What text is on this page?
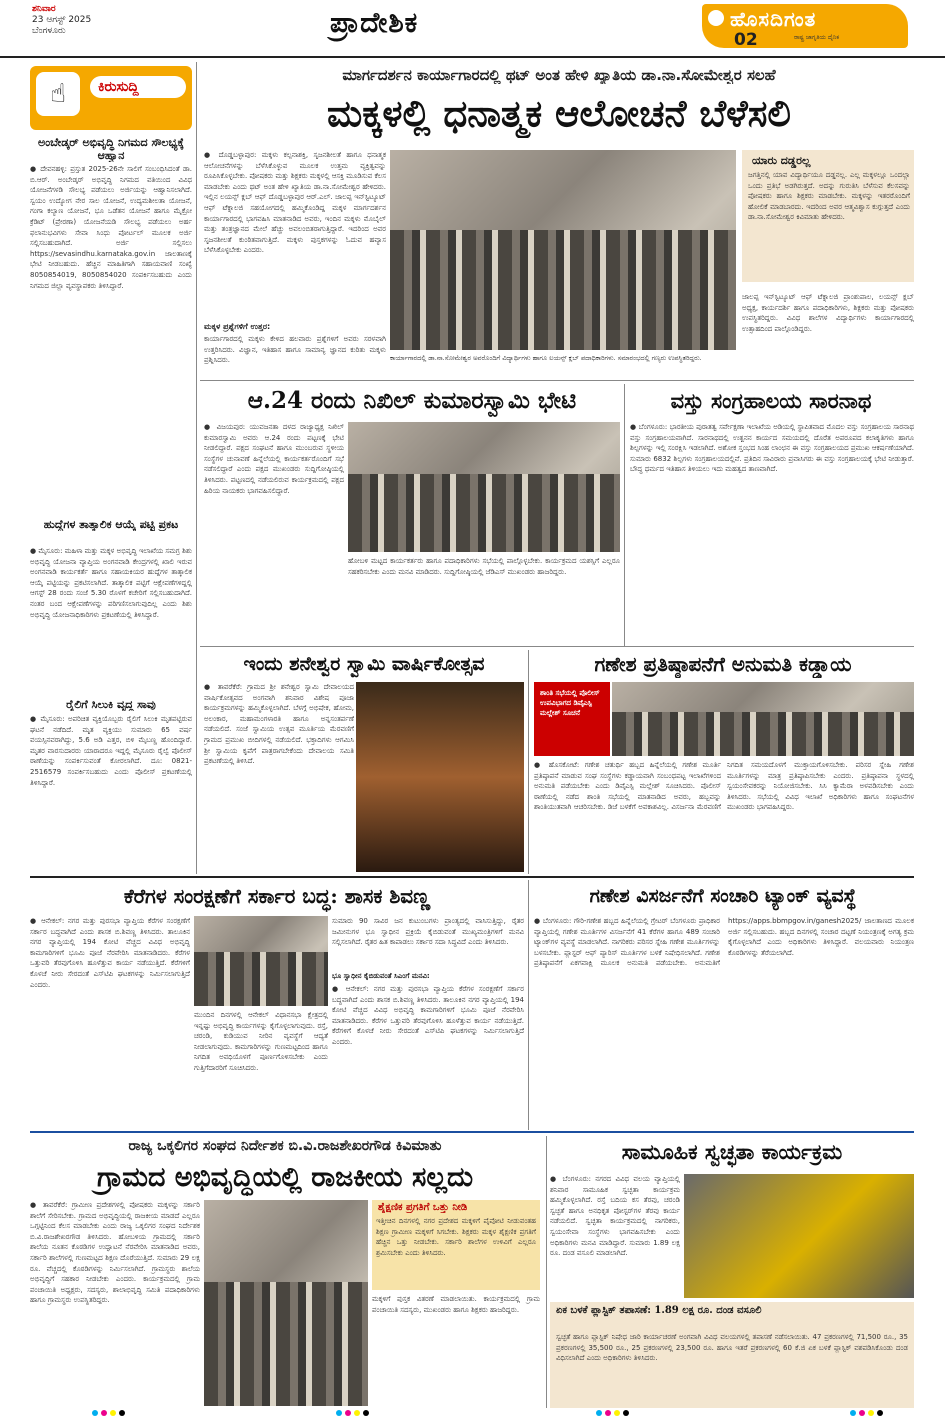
ಶನಿವಾರ
23 ಆಗಸ್ಟ್ 2025
ಬೆಂಗಳೂರು	ಪ್ರಾದೇಶಿಕ	ಹೊಸದಿಗಂತ
ರಾಷ್ಟ್ರ ಜಾಗೃತಿಯ ದೈನಿಕ
02
☝	ಕಿರುಸುದ್ದಿ
ಅಂಬೇಡ್ಕರ್ ಅಭಿವೃದ್ಧಿ ನಿಗಮದ ಸೌಲಭ್ಯಕ್ಕೆ ಆಹ್ವಾನ
● ದೇವನಹಳ್ಳಿ: ಪ್ರಸ್ತುತ 2025-26ನೇ ಸಾಲಿಗೆ ಸಂಬಂಧಿಸಿದಂತೆ ಡಾ. ಬಿ.ಆರ್. ಅಂಬೇಡ್ಕರ್ ಅಭಿವೃದ್ಧಿ ನಿಗಮದ ವತಿಯಿಂದ ವಿವಿಧ ಯೋಜನೆಗಳಡಿ ಸೌಲಭ್ಯ ಪಡೆಯಲು ಅರ್ಜಿಯನ್ನು ಆಹ್ವಾನಿಸಲಾಗಿದೆ. ಸ್ವಯಂ ಉದ್ಯೋಗ ನೇರ ಸಾಲ ಯೋಜನೆ, ಉದ್ಯಮಶೀಲತಾ ಯೋಜನೆ, ಗಂಗಾ ಕಲ್ಯಾಣ ಯೋಜನೆ, ಭೂ ಒಡೆತನ ಯೋಜನೆ ಹಾಗೂ ಮೈಕ್ರೋ ಕ್ರೆಡಿಟ್ (ಪ್ರೇರಣಾ) ಯೋಜನೆಯಡಿ ಸೌಲಭ್ಯ ಪಡೆಯಲು ಅರ್ಹ ಫಲಾನುಭವಿಗಳು ಸೇವಾ ಸಿಂಧು ಪೋರ್ಟಲ್ ಮೂಲಕ ಅರ್ಜಿ ಸಲ್ಲಿಸಬಹುದಾಗಿದೆ. ಅರ್ಜಿ ಸಲ್ಲಿಸಲು https://sevasindhu.karnataka.gov.in ಜಾಲತಾಣಕ್ಕೆ ಭೇಟಿ ನೀಡಬಹುದು. ಹೆಚ್ಚಿನ ಮಾಹಿತಿಗಾಗಿ ಸಹಾಯವಾಣಿ ಸಂಖ್ಯೆ 8050854019, 8050854020 ಸಂಪರ್ಕಿಸಬಹುದು ಎಂದು ನಿಗಮದ ಜಿಲ್ಲಾ ವ್ಯವಸ್ಥಾಪಕರು ತಿಳಿಸಿದ್ದಾರೆ.
ಹುದ್ದೆಗಳ ತಾತ್ಕಾಲಿಕ ಆಯ್ಕೆ ಪಟ್ಟಿ ಪ್ರಕಟ
● ಮೈಸೂರು: ಮಹಿಳಾ ಮತ್ತು ಮಕ್ಕಳ ಅಭಿವೃದ್ಧಿ ಇಲಾಖೆಯ ಸಮಗ್ರ ಶಿಶು ಅಭಿವೃದ್ಧಿ ಯೋಜನಾ ವ್ಯಾಪ್ತಿಯ ಅಂಗನವಾಡಿ ಕೇಂದ್ರಗಳಲ್ಲಿ ಖಾಲಿ ಇರುವ ಅಂಗನವಾಡಿ ಕಾರ್ಯಕರ್ತೆ ಹಾಗೂ ಸಹಾಯಕಿಯರ ಹುದ್ದೆಗಳ ತಾತ್ಕಾಲಿಕ ಆಯ್ಕೆ ಪಟ್ಟಿಯನ್ನು ಪ್ರಕಟಿಸಲಾಗಿದೆ. ತಾತ್ಕಾಲಿಕ ಪಟ್ಟಿಗೆ ಆಕ್ಷೇಪಣೆಗಳಿದ್ದಲ್ಲಿ ಆಗಸ್ಟ್ 28 ರಂದು ಸಂಜೆ 5.30 ರೊಳಗೆ ಕಚೇರಿಗೆ ಸಲ್ಲಿಸಬಹುದಾಗಿದೆ. ನಂತರ ಬಂದ ಆಕ್ಷೇಪಣೆಗಳನ್ನು ಪರಿಗಣಿಸಲಾಗುವುದಿಲ್ಲ ಎಂದು ಶಿಶು ಅಭಿವೃದ್ಧಿ ಯೋಜನಾಧಿಕಾರಿಗಳು ಪ್ರಕಟಣೆಯಲ್ಲಿ ತಿಳಿಸಿದ್ದಾರೆ.
ರೈಲಿಗೆ ಸಿಲುಕಿ ವೃದ್ಧ ಸಾವು
● ಮೈಸೂರು: ಅಪರಿಚಿತ ವ್ಯಕ್ತಿಯೊಬ್ಬರು ರೈಲಿಗೆ ಸಿಲುಕಿ ಮೃತಪಟ್ಟಿರುವ ಘಟನೆ ನಡೆದಿದೆ. ಮೃತ ವ್ಯಕ್ತಿಯು ಸುಮಾರು 65 ವರ್ಷ ವಯಸ್ಸಿನವರಾಗಿದ್ದು, 5.6 ಅಡಿ ಎತ್ತರ, ಬಿಳಿ ಮೈಬಣ್ಣ ಹೊಂದಿದ್ದಾರೆ. ಮೃತರ ವಾರಸುದಾರರು ಯಾರಾದರೂ ಇದ್ದಲ್ಲಿ ಮೈಸೂರು ರೈಲ್ವೆ ಪೊಲೀಸ್ ಠಾಣೆಯನ್ನು ಸಂಪರ್ಕಿಸುವಂತೆ ಕೋರಲಾಗಿದೆ. ದೂ: 0821-2516579 ಸಂಪರ್ಕಿಸಬಹುದು ಎಂದು ಪೊಲೀಸ್ ಪ್ರಕಟಣೆಯಲ್ಲಿ ತಿಳಿಸಿದ್ದಾರೆ.
ಮಾರ್ಗದರ್ಶನ ಕಾರ್ಯಾಗಾರದಲ್ಲಿ ಥಟ್ ಅಂತ ಹೇಳಿ ಖ್ಯಾತಿಯ ಡಾ.ನಾ.ಸೋಮೇಶ್ವರ ಸಲಹೆ
ಮಕ್ಕಳಲ್ಲಿ ಧನಾತ್ಮಕ ಆಲೋಚನೆ ಬೆಳೆಸಲಿ
● ದೊಡ್ಡಬಳ್ಳಾಪುರ: ಮಕ್ಕಳು ಕಲ್ಪನಾಶಕ್ತಿ, ಸೃಜನಶೀಲತೆ ಹಾಗೂ ಧನಾತ್ಮಕ ಆಲೋಚನೆಗಳನ್ನು ಬೆಳೆಸಿಕೊಳ್ಳುವ ಮೂಲಕ ಉತ್ತಮ ವ್ಯಕ್ತಿತ್ವವನ್ನು ರೂಪಿಸಿಕೊಳ್ಳಬೇಕು. ಪೋಷಕರು ಮತ್ತು ಶಿಕ್ಷಕರು ಮಕ್ಕಳಲ್ಲಿ ಆಸಕ್ತಿ ಮೂಡಿಸುವ ಕೆಲಸ ಮಾಡಬೇಕು ಎಂದು ಥಟ್ ಅಂತ ಹೇಳಿ ಖ್ಯಾತಿಯ ಡಾ.ನಾ.ಸೋಮೇಶ್ವರ ಹೇಳಿದರು. ಇಲ್ಲಿನ ಲಯನ್ಸ್ ಕ್ಲಬ್ ಆಫ್ ದೊಡ್ಡಬಳ್ಳಾಪುರ ಆರ್.ಎಲ್. ಜಾಲಪ್ಪ ಇನ್‌ಸ್ಟಿಟ್ಯೂಟ್ ಆಫ್ ಟೆಕ್ನಾಲಜಿ ಸಹಯೋಗದಲ್ಲಿ ಹಮ್ಮಿಕೊಂಡಿದ್ದ ಮಕ್ಕಳ ಮಾರ್ಗದರ್ಶನ ಕಾರ್ಯಾಗಾರದಲ್ಲಿ ಭಾಗವಹಿಸಿ ಮಾತನಾಡಿದ ಅವರು, ಇಂದಿನ ಮಕ್ಕಳು ಮೊಬೈಲ್ ಮತ್ತು ತಂತ್ರಜ್ಞಾನದ ಮೇಲೆ ಹೆಚ್ಚು ಅವಲಂಬಿತರಾಗುತ್ತಿದ್ದಾರೆ. ಇದರಿಂದ ಅವರ ಸೃಜನಶೀಲತೆ ಕುಂಠಿತವಾಗುತ್ತಿದೆ. ಮಕ್ಕಳು ಪುಸ್ತಕಗಳನ್ನು ಓದುವ ಹವ್ಯಾಸ ಬೆಳೆಸಿಕೊಳ್ಳಬೇಕು ಎಂದರು.
ಮಕ್ಕಳ ಪ್ರಶ್ನೆಗಳಿಗೆ ಉತ್ತರ:
ಕಾರ್ಯಾಗಾರದಲ್ಲಿ ಮಕ್ಕಳು ಕೇಳಿದ ಹಲವಾರು ಪ್ರಶ್ನೆಗಳಿಗೆ ಅವರು ಸರಳವಾಗಿ ಉತ್ತರಿಸಿದರು. ವಿಜ್ಞಾನ, ಇತಿಹಾಸ ಹಾಗೂ ಸಾಮಾನ್ಯ ಜ್ಞಾನದ ಕುರಿತು ಮಕ್ಕಳು ಪ್ರಶ್ನಿಸಿದರು.	ಕಾರ್ಯಾಗಾರದಲ್ಲಿ ಡಾ.ನಾ.ಸೋಮೇಶ್ವರ ಅವರೊಂದಿಗೆ ವಿದ್ಯಾರ್ಥಿಗಳು ಹಾಗೂ ಲಯನ್ಸ್ ಕ್ಲಬ್ ಪದಾಧಿಕಾರಿಗಳು. ಸಮಾರಂಭದಲ್ಲಿ ಗಣ್ಯರು ಉಪಸ್ಥಿತರಿದ್ದರು.
ಯಾರು ದಡ್ಡರಲ್ಲ
ಜಗತ್ತಿನಲ್ಲಿ ಯಾವ ವಿದ್ಯಾರ್ಥಿಯೂ ದಡ್ಡನಲ್ಲ. ಎಲ್ಲ ಮಕ್ಕಳಲ್ಲೂ ಒಂದಲ್ಲಾ ಒಂದು ಪ್ರತಿಭೆ ಅಡಗಿರುತ್ತದೆ. ಅದನ್ನು ಗುರುತಿಸಿ ಬೆಳೆಸುವ ಕೆಲಸವನ್ನು ಪೋಷಕರು ಹಾಗೂ ಶಿಕ್ಷಕರು ಮಾಡಬೇಕು. ಮಕ್ಕಳನ್ನು ಇತರರೊಂದಿಗೆ ಹೋಲಿಕೆ ಮಾಡಬಾರದು. ಇದರಿಂದ ಅವರ ಆತ್ಮವಿಶ್ವಾಸ ಕುಗ್ಗುತ್ತದೆ ಎಂದು ಡಾ.ನಾ.ಸೋಮೇಶ್ವರ ಕಿವಿಮಾತು ಹೇಳಿದರು.
ಜಾಲಪ್ಪ ಇನ್‌ಸ್ಟಿಟ್ಯೂಟ್ ಆಫ್ ಟೆಕ್ನಾಲಜಿ ಪ್ರಾಂಶುಪಾಲ, ಲಯನ್ಸ್ ಕ್ಲಬ್ ಅಧ್ಯಕ್ಷ, ಕಾರ್ಯದರ್ಶಿ ಹಾಗೂ ಪದಾಧಿಕಾರಿಗಳು, ಶಿಕ್ಷಕರು ಮತ್ತು ಪೋಷಕರು ಉಪಸ್ಥಿತರಿದ್ದರು. ವಿವಿಧ ಶಾಲೆಗಳ ವಿದ್ಯಾರ್ಥಿಗಳು ಕಾರ್ಯಾಗಾರದಲ್ಲಿ ಉತ್ಸಾಹದಿಂದ ಪಾಲ್ಗೊಂಡಿದ್ದರು.
ಆ.24 ರಂದು ನಿಖಿಲ್ ಕುಮಾರಸ್ವಾಮಿ ಭೇಟಿ
● ವಿಜಯಪುರ: ಯುವಜನತಾ ದಳದ ರಾಜ್ಯಾಧ್ಯಕ್ಷ ನಿಖಿಲ್ ಕುಮಾರಸ್ವಾಮಿ ಅವರು ಆ.24 ರಂದು ಪಟ್ಟಣಕ್ಕೆ ಭೇಟಿ ನೀಡಲಿದ್ದಾರೆ. ಪಕ್ಷದ ಸಂಘಟನೆ ಹಾಗೂ ಮುಂಬರುವ ಸ್ಥಳೀಯ ಸಂಸ್ಥೆಗಳ ಚುನಾವಣೆ ಹಿನ್ನೆಲೆಯಲ್ಲಿ ಕಾರ್ಯಕರ್ತರೊಂದಿಗೆ ಸಭೆ ನಡೆಸಲಿದ್ದಾರೆ ಎಂದು ಪಕ್ಷದ ಮುಖಂಡರು ಸುದ್ದಿಗೋಷ್ಠಿಯಲ್ಲಿ ತಿಳಿಸಿದರು. ಪಟ್ಟಣದಲ್ಲಿ ನಡೆಯಲಿರುವ ಕಾರ್ಯಕ್ರಮದಲ್ಲಿ ಪಕ್ಷದ ಹಿರಿಯ ನಾಯಕರು ಭಾಗವಹಿಸಲಿದ್ದಾರೆ.
ಹೋಬಳಿ ಮಟ್ಟದ ಕಾರ್ಯಕರ್ತರು ಹಾಗೂ ಪದಾಧಿಕಾರಿಗಳು ಸಭೆಯಲ್ಲಿ ಪಾಲ್ಗೊಳ್ಳಬೇಕು. ಕಾರ್ಯಕ್ರಮದ ಯಶಸ್ಸಿಗೆ ಎಲ್ಲರೂ ಸಹಕರಿಸಬೇಕು ಎಂದು ಮನವಿ ಮಾಡಿದರು. ಸುದ್ದಿಗೋಷ್ಠಿಯಲ್ಲಿ ಜೆಡಿಎಸ್ ಮುಖಂಡರು ಹಾಜರಿದ್ದರು.
ವಸ್ತು ಸಂಗ್ರಹಾಲಯ ಸಾರನಾಥ
● ಬೆಂಗಳೂರು: ಭಾರತೀಯ ಪುರಾತತ್ವ ಸರ್ವೇಕ್ಷಣಾ ಇಲಾಖೆಯ ಅಡಿಯಲ್ಲಿ ಸ್ಥಾಪಿತವಾದ ಮೊದಲ ವಸ್ತು ಸಂಗ್ರಹಾಲಯ ಸಾರನಾಥ ವಸ್ತು ಸಂಗ್ರಹಾಲಯವಾಗಿದೆ. ಸಾರನಾಥದಲ್ಲಿ ಉತ್ಖನನ ಕಾರ್ಯದ ಸಮಯದಲ್ಲಿ ದೊರೆತ ಅಪರೂಪದ ಕಲಾಕೃತಿಗಳು ಹಾಗೂ ಶಿಲ್ಪಗಳನ್ನು ಇಲ್ಲಿ ಸಂರಕ್ಷಿಸಿ ಇಡಲಾಗಿದೆ. ಅಶೋಕ ಸ್ತಂಭದ ಸಿಂಹ ಲಾಂಛನ ಈ ವಸ್ತು ಸಂಗ್ರಹಾಲಯದ ಪ್ರಮುಖ ಆಕರ್ಷಣೆಯಾಗಿದೆ. ಸುಮಾರು 6832 ಶಿಲ್ಪಗಳು ಸಂಗ್ರಹಾಲಯದಲ್ಲಿವೆ. ಪ್ರತಿದಿನ ಸಾವಿರಾರು ಪ್ರವಾಸಿಗರು ಈ ವಸ್ತು ಸಂಗ್ರಹಾಲಯಕ್ಕೆ ಭೇಟಿ ನೀಡುತ್ತಾರೆ. ಬೌದ್ಧ ಧರ್ಮದ ಇತಿಹಾಸ ತಿಳಿಯಲು ಇದು ಮಹತ್ವದ ತಾಣವಾಗಿದೆ.
ಇಂದು ಶನೇಶ್ವರ ಸ್ವಾಮಿ ವಾರ್ಷಿಕೋತ್ಸವ
● ತಾವರೆಕೆರೆ: ಗ್ರಾಮದ ಶ್ರೀ ಶನೇಶ್ವರ ಸ್ವಾಮಿ ದೇವಾಲಯದ ವಾರ್ಷಿಕೋತ್ಸವದ ಅಂಗವಾಗಿ ಶನಿವಾರ ವಿಶೇಷ ಪೂಜಾ ಕಾರ್ಯಕ್ರಮಗಳನ್ನು ಹಮ್ಮಿಕೊಳ್ಳಲಾಗಿದೆ. ಬೆಳಗ್ಗೆ ಅಭಿಷೇಕ, ಹೋಮ, ಅಲಂಕಾರ, ಮಹಾಮಂಗಳಾರತಿ ಹಾಗೂ ಅನ್ನಸಂತರ್ಪಣೆ ನಡೆಯಲಿದೆ. ಸಂಜೆ ಸ್ವಾಮಿಯ ಉತ್ಸವ ಮೂರ್ತಿಯ ಮೆರವಣಿಗೆ ಗ್ರಾಮದ ಪ್ರಮುಖ ಬೀದಿಗಳಲ್ಲಿ ನಡೆಯಲಿದೆ. ಭಕ್ತಾದಿಗಳು ಆಗಮಿಸಿ ಶ್ರೀ ಸ್ವಾಮಿಯ ಕೃಪೆಗೆ ಪಾತ್ರರಾಗಬೇಕೆಂದು ದೇವಾಲಯ ಸಮಿತಿ ಪ್ರಕಟಣೆಯಲ್ಲಿ ತಿಳಿಸಿದೆ.
ಗಣೇಶ ಪ್ರತಿಷ್ಠಾಪನೆಗೆ ಅನುಮತಿ ಕಡ್ಡಾಯ
ಶಾಂತಿ ಸಭೆಯಲ್ಲಿ ಪೊಲೀಸ್ ಉಪವಿಭಾಗದ ಡಿವೈಎಸ್ಪಿ ಮಲ್ಲೇಶ್ ಸೂಚನೆ
● ಹೊಸಕೋಟೆ: ಗಣೇಶ ಚತುರ್ಥಿ ಹಬ್ಬದ ಹಿನ್ನೆಲೆಯಲ್ಲಿ ಗಣೇಶ ಮೂರ್ತಿ ಪ್ರತಿಷ್ಠಾಪನೆ ಮಾಡುವ ಸಂಘ ಸಂಸ್ಥೆಗಳು ಕಡ್ಡಾಯವಾಗಿ ಸಂಬಂಧಪಟ್ಟ ಇಲಾಖೆಗಳಿಂದ ಅನುಮತಿ ಪಡೆಯಬೇಕು ಎಂದು ಡಿವೈಎಸ್ಪಿ ಮಲ್ಲೇಶ್ ಸೂಚಿಸಿದರು. ಪೊಲೀಸ್ ಠಾಣೆಯಲ್ಲಿ ನಡೆದ ಶಾಂತಿ ಸಭೆಯಲ್ಲಿ ಮಾತನಾಡಿದ ಅವರು, ಹಬ್ಬವನ್ನು ಶಾಂತಿಯುತವಾಗಿ ಆಚರಿಸಬೇಕು. ಡಿಜೆ ಬಳಕೆಗೆ ಅವಕಾಶವಿಲ್ಲ. ವಿಸರ್ಜನಾ ಮೆರವಣಿಗೆ ನಿಗದಿತ ಸಮಯದೊಳಗೆ ಮುಕ್ತಾಯಗೊಳಿಸಬೇಕು. ಪರಿಸರ ಸ್ನೇಹಿ ಗಣೇಶ ಮೂರ್ತಿಗಳನ್ನು ಮಾತ್ರ ಪ್ರತಿಷ್ಠಾಪಿಸಬೇಕು ಎಂದರು. ಪ್ರತಿಷ್ಠಾಪನಾ ಸ್ಥಳದಲ್ಲಿ ಸ್ವಯಂಸೇವಕರನ್ನು ನಿಯೋಜಿಸಬೇಕು. ಸಿಸಿ ಕ್ಯಾಮೆರಾ ಅಳವಡಿಸಬೇಕು ಎಂದು ತಿಳಿಸಿದರು. ಸಭೆಯಲ್ಲಿ ವಿವಿಧ ಇಲಾಖೆ ಅಧಿಕಾರಿಗಳು ಹಾಗೂ ಸಂಘಟನೆಗಳ ಮುಖಂಡರು ಭಾಗವಹಿಸಿದ್ದರು.
ಕೆರೆಗಳ ಸಂರಕ್ಷಣೆಗೆ ಸರ್ಕಾರ ಬದ್ಧ: ಶಾಸಕ ಶಿವಣ್ಣ
● ಆನೇಕಲ್: ನಗರ ಮತ್ತು ಪುರಸಭಾ ವ್ಯಾಪ್ತಿಯ ಕೆರೆಗಳ ಸಂರಕ್ಷಣೆಗೆ ಸರ್ಕಾರ ಬದ್ಧವಾಗಿದೆ ಎಂದು ಶಾಸಕ ಬಿ.ಶಿವಣ್ಣ ತಿಳಿಸಿದರು. ತಾಲೂಕಿನ ನಗರ ವ್ಯಾಪ್ತಿಯಲ್ಲಿ 194 ಕೋಟಿ ವೆಚ್ಚದ ವಿವಿಧ ಅಭಿವೃದ್ಧಿ ಕಾಮಗಾರಿಗಳಿಗೆ ಭೂಮಿ ಪೂಜೆ ನೆರವೇರಿಸಿ ಮಾತನಾಡಿದರು. ಕೆರೆಗಳ ಒತ್ತುವರಿ ತೆರವುಗೊಳಿಸಿ ಹೂಳೆತ್ತುವ ಕಾರ್ಯ ನಡೆಯುತ್ತಿದೆ. ಕೆರೆಗಳಿಗೆ ಕೊಳಚೆ ನೀರು ಸೇರದಂತೆ ಎಸ್‌ಟಿಪಿ ಘಟಕಗಳನ್ನು ನಿರ್ಮಿಸಲಾಗುತ್ತಿದೆ ಎಂದರು.
ಮುಂದಿನ ದಿನಗಳಲ್ಲಿ ಆನೇಕಲ್ ವಿಧಾನಸಭಾ ಕ್ಷೇತ್ರದಲ್ಲಿ ಇನ್ನಷ್ಟು ಅಭಿವೃದ್ಧಿ ಕಾರ್ಯಗಳನ್ನು ಕೈಗೊಳ್ಳಲಾಗುವುದು. ರಸ್ತೆ, ಚರಂಡಿ, ಕುಡಿಯುವ ನೀರಿನ ವ್ಯವಸ್ಥೆಗೆ ಆದ್ಯತೆ ನೀಡಲಾಗುವುದು. ಕಾಮಗಾರಿಗಳನ್ನು ಗುಣಮಟ್ಟದಿಂದ ಹಾಗೂ ನಿಗದಿತ ಅವಧಿಯೊಳಗೆ ಪೂರ್ಣಗೊಳಿಸಬೇಕು ಎಂದು ಗುತ್ತಿಗೆದಾರರಿಗೆ ಸೂಚಿಸಿದರು.
ಸುಮಾರು 90 ಸಾವಿರ ಜನ ಕುಟುಂಬಗಳು ಪ್ರಾಂತ್ಯದಲ್ಲಿ ವಾಸಿಸುತ್ತಿದ್ದು, ರೈತರ ಜಮೀನುಗಳ ಭೂ ಸ್ವಾಧೀನ ಪ್ರಕ್ರಿಯೆ ಕೈಬಿಡುವಂತೆ ಮುಖ್ಯಮಂತ್ರಿಗಳಿಗೆ ಮನವಿ ಸಲ್ಲಿಸಲಾಗಿದೆ. ರೈತರ ಹಿತ ಕಾಪಾಡಲು ಸರ್ಕಾರ ಸದಾ ಸಿದ್ಧವಿದೆ ಎಂದು ತಿಳಿಸಿದರು.
ಭೂ ಸ್ವಾಧೀನ ಕೈಬಿಡುವಂತೆ ಸಿಎಂಗೆ ಮನವಿ:
● ಆನೇಕಲ್: ನಗರ ಮತ್ತು ಪುರಸಭಾ ವ್ಯಾಪ್ತಿಯ ಕೆರೆಗಳ ಸಂರಕ್ಷಣೆಗೆ ಸರ್ಕಾರ ಬದ್ಧವಾಗಿದೆ ಎಂದು ಶಾಸಕ ಬಿ.ಶಿವಣ್ಣ ತಿಳಿಸಿದರು. ತಾಲೂಕಿನ ನಗರ ವ್ಯಾಪ್ತಿಯಲ್ಲಿ 194 ಕೋಟಿ ವೆಚ್ಚದ ವಿವಿಧ ಅಭಿವೃದ್ಧಿ ಕಾಮಗಾರಿಗಳಿಗೆ ಭೂಮಿ ಪೂಜೆ ನೆರವೇರಿಸಿ ಮಾತನಾಡಿದರು. ಕೆರೆಗಳ ಒತ್ತುವರಿ ತೆರವುಗೊಳಿಸಿ ಹೂಳೆತ್ತುವ ಕಾರ್ಯ ನಡೆಯುತ್ತಿದೆ. ಕೆರೆಗಳಿಗೆ ಕೊಳಚೆ ನೀರು ಸೇರದಂತೆ ಎಸ್‌ಟಿಪಿ ಘಟಕಗಳನ್ನು ನಿರ್ಮಿಸಲಾಗುತ್ತಿದೆ ಎಂದರು.
ಗಣೇಶ ವಿಸರ್ಜನೆಗೆ ಸಂಚಾರಿ ಟ್ಯಾಂಕ್ ವ್ಯವಸ್ಥೆ
● ಬೆಂಗಳೂರು: ಗೌರಿ-ಗಣೇಶ ಹಬ್ಬದ ಹಿನ್ನೆಲೆಯಲ್ಲಿ ಗ್ರೇಟರ್ ಬೆಂಗಳೂರು ಪ್ರಾಧಿಕಾರ ವ್ಯಾಪ್ತಿಯಲ್ಲಿ ಗಣೇಶ ಮೂರ್ತಿಗಳ ವಿಸರ್ಜನೆಗೆ 41 ಕೆರೆಗಳ ಹಾಗೂ 489 ಸಂಚಾರಿ ಟ್ಯಾಂಕ್‌ಗಳ ವ್ಯವಸ್ಥೆ ಮಾಡಲಾಗಿದೆ. ನಾಗರಿಕರು ಪರಿಸರ ಸ್ನೇಹಿ ಗಣೇಶ ಮೂರ್ತಿಗಳನ್ನು ಬಳಸಬೇಕು. ಪ್ಲಾಸ್ಟರ್ ಆಫ್ ಪ್ಯಾರಿಸ್ ಮೂರ್ತಿಗಳ ಬಳಕೆ ನಿಷೇಧಿಸಲಾಗಿದೆ. ಗಣೇಶ ಪ್ರತಿಷ್ಠಾಪನೆಗೆ ಏಕಗವಾಕ್ಷಿ ಮೂಲಕ ಅನುಮತಿ ಪಡೆಯಬೇಕು. ಅನುಮತಿಗೆ https://apps.bbmpgov.in/ganesh2025/ ಜಾಲತಾಣದ ಮೂಲಕ ಅರ್ಜಿ ಸಲ್ಲಿಸಬಹುದು. ಹಬ್ಬದ ದಿನಗಳಲ್ಲಿ ಸಂಚಾರ ದಟ್ಟಣೆ ನಿಯಂತ್ರಣಕ್ಕೆ ಅಗತ್ಯ ಕ್ರಮ ಕೈಗೊಳ್ಳಲಾಗಿದೆ ಎಂದು ಅಧಿಕಾರಿಗಳು ತಿಳಿಸಿದ್ದಾರೆ. ವಲಯವಾರು ನಿಯಂತ್ರಣ ಕೊಠಡಿಗಳನ್ನು ತೆರೆಯಲಾಗಿದೆ.
ರಾಜ್ಯ ಒಕ್ಕಲಿಗರ ಸಂಘದ ನಿರ್ದೇಶಕ ಬಿ.ವಿ.ರಾಜಶೇಖರಗೌಡ ಕಿವಿಮಾತು
ಗ್ರಾಮದ ಅಭಿವೃದ್ಧಿಯಲ್ಲಿ ರಾಜಕೀಯ ಸಲ್ಲದು
● ತಾವರೆಕೆರೆ: ಗ್ರಾಮೀಣ ಪ್ರದೇಶಗಳಲ್ಲಿ ಪೋಷಕರು ಮಕ್ಕಳನ್ನು ಸರ್ಕಾರಿ ಶಾಲೆಗೆ ಸೇರಿಸಬೇಕು. ಗ್ರಾಮದ ಅಭಿವೃದ್ಧಿಯಲ್ಲಿ ರಾಜಕೀಯ ಮಾಡದೆ ಎಲ್ಲರೂ ಒಗ್ಗಟ್ಟಿನಿಂದ ಕೆಲಸ ಮಾಡಬೇಕು ಎಂದು ರಾಜ್ಯ ಒಕ್ಕಲಿಗರ ಸಂಘದ ನಿರ್ದೇಶಕ ಬಿ.ವಿ.ರಾಜಶೇಖರಗೌಡ ತಿಳಿಸಿದರು. ಹೋಬಳಿಯ ಗ್ರಾಮದಲ್ಲಿ ಸರ್ಕಾರಿ ಶಾಲೆಯ ನೂತನ ಕೊಠಡಿಗಳ ಉದ್ಘಾಟನೆ ನೆರವೇರಿಸಿ ಮಾತನಾಡಿದ ಅವರು, ಸರ್ಕಾರಿ ಶಾಲೆಗಳಲ್ಲಿ ಗುಣಮಟ್ಟದ ಶಿಕ್ಷಣ ದೊರೆಯುತ್ತಿದೆ. ಸುಮಾರು 29 ಲಕ್ಷ ರೂ. ವೆಚ್ಚದಲ್ಲಿ ಕೊಠಡಿಗಳನ್ನು ನಿರ್ಮಿಸಲಾಗಿದೆ. ಗ್ರಾಮಸ್ಥರು ಶಾಲೆಯ ಅಭಿವೃದ್ಧಿಗೆ ಸಹಕಾರ ನೀಡಬೇಕು ಎಂದರು. ಕಾರ್ಯಕ್ರಮದಲ್ಲಿ ಗ್ರಾಮ ಪಂಚಾಯಿತಿ ಅಧ್ಯಕ್ಷರು, ಸದಸ್ಯರು, ಶಾಲಾಭಿವೃದ್ಧಿ ಸಮಿತಿ ಪದಾಧಿಕಾರಿಗಳು ಹಾಗೂ ಗ್ರಾಮಸ್ಥರು ಉಪಸ್ಥಿತರಿದ್ದರು.
ಶೈಕ್ಷಣಿಕ ಪ್ರಗತಿಗೆ ಒತ್ತು ನೀಡಿ
ಇತ್ತೀಚಿನ ದಿನಗಳಲ್ಲಿ ನಗರ ಪ್ರದೇಶದ ಮಕ್ಕಳಿಗೆ ಪೈಪೋಟಿ ನೀಡುವಂತಹ ಶಿಕ್ಷಣ ಗ್ರಾಮೀಣ ಮಕ್ಕಳಿಗೆ ಸಿಗಬೇಕು. ಶಿಕ್ಷಕರು ಮಕ್ಕಳ ಶೈಕ್ಷಣಿಕ ಪ್ರಗತಿಗೆ ಹೆಚ್ಚಿನ ಒತ್ತು ನೀಡಬೇಕು. ಸರ್ಕಾರಿ ಶಾಲೆಗಳ ಉಳಿವಿಗೆ ಎಲ್ಲರೂ ಶ್ರಮಿಸಬೇಕು ಎಂದು ತಿಳಿಸಿದರು.
ಮಕ್ಕಳಿಗೆ ಪುಸ್ತಕ ವಿತರಣೆ ಮಾಡಲಾಯಿತು. ಕಾರ್ಯಕ್ರಮದಲ್ಲಿ ಗ್ರಾಮ ಪಂಚಾಯಿತಿ ಸದಸ್ಯರು, ಮುಖಂಡರು ಹಾಗೂ ಶಿಕ್ಷಕರು ಹಾಜರಿದ್ದರು.
ಸಾಮೂಹಿಕ ಸ್ವಚ್ಛತಾ ಕಾರ್ಯಕ್ರಮ
● ಬೆಂಗಳೂರು: ನಗರದ ವಿವಿಧ ವಲಯ ವ್ಯಾಪ್ತಿಯಲ್ಲಿ ಶನಿವಾರ ಸಾಮೂಹಿಕ ಸ್ವಚ್ಛತಾ ಕಾರ್ಯಕ್ರಮ ಹಮ್ಮಿಕೊಳ್ಳಲಾಗಿದೆ. ರಸ್ತೆ ಬದಿಯ ಕಸ ತೆರವು, ಚರಂಡಿ ಸ್ವಚ್ಛತೆ ಹಾಗೂ ಅನಧಿಕೃತ ಪೋಸ್ಟರ್‌ಗಳ ತೆರವು ಕಾರ್ಯ ನಡೆಯಲಿದೆ. ಸ್ವಚ್ಛತಾ ಕಾರ್ಯಕ್ರಮದಲ್ಲಿ ನಾಗರಿಕರು, ಸ್ವಯಂಸೇವಾ ಸಂಸ್ಥೆಗಳು ಭಾಗವಹಿಸಬೇಕು ಎಂದು ಅಧಿಕಾರಿಗಳು ಮನವಿ ಮಾಡಿದ್ದಾರೆ. ಸುಮಾರು 1.89 ಲಕ್ಷ ರೂ. ದಂಡ ವಸೂಲಿ ಮಾಡಲಾಗಿದೆ.
ಏಕ ಬಳಕೆ ಪ್ಲಾಸ್ಟಿಕ್ ತಪಾಸಣೆ: 1.89 ಲಕ್ಷ ರೂ. ದಂಡ ವಸೂಲಿ
ಸ್ವಚ್ಛತೆ ಹಾಗೂ ಪ್ಲಾಸ್ಟಿಕ್ ನಿಷೇಧ ಜಾರಿ ಕಾರ್ಯಾಚರಣೆ ಅಂಗವಾಗಿ ವಿವಿಧ ವಲಯಗಳಲ್ಲಿ ತಪಾಸಣೆ ನಡೆಸಲಾಯಿತು. 47 ಪ್ರಕರಣಗಳಲ್ಲಿ 71,500 ರೂ., 35 ಪ್ರಕರಣಗಳಲ್ಲಿ 35,500 ರೂ., 25 ಪ್ರಕರಣಗಳಲ್ಲಿ 23,500 ರೂ. ಹಾಗೂ ಇತರೆ ಪ್ರಕರಣಗಳಲ್ಲಿ 60 ಕೆ.ಜಿ ಏಕ ಬಳಕೆ ಪ್ಲಾಸ್ಟಿಕ್ ವಶಪಡಿಸಿಕೊಂಡು ದಂಡ ವಿಧಿಸಲಾಗಿದೆ ಎಂದು ಅಧಿಕಾರಿಗಳು ತಿಳಿಸಿದರು.
